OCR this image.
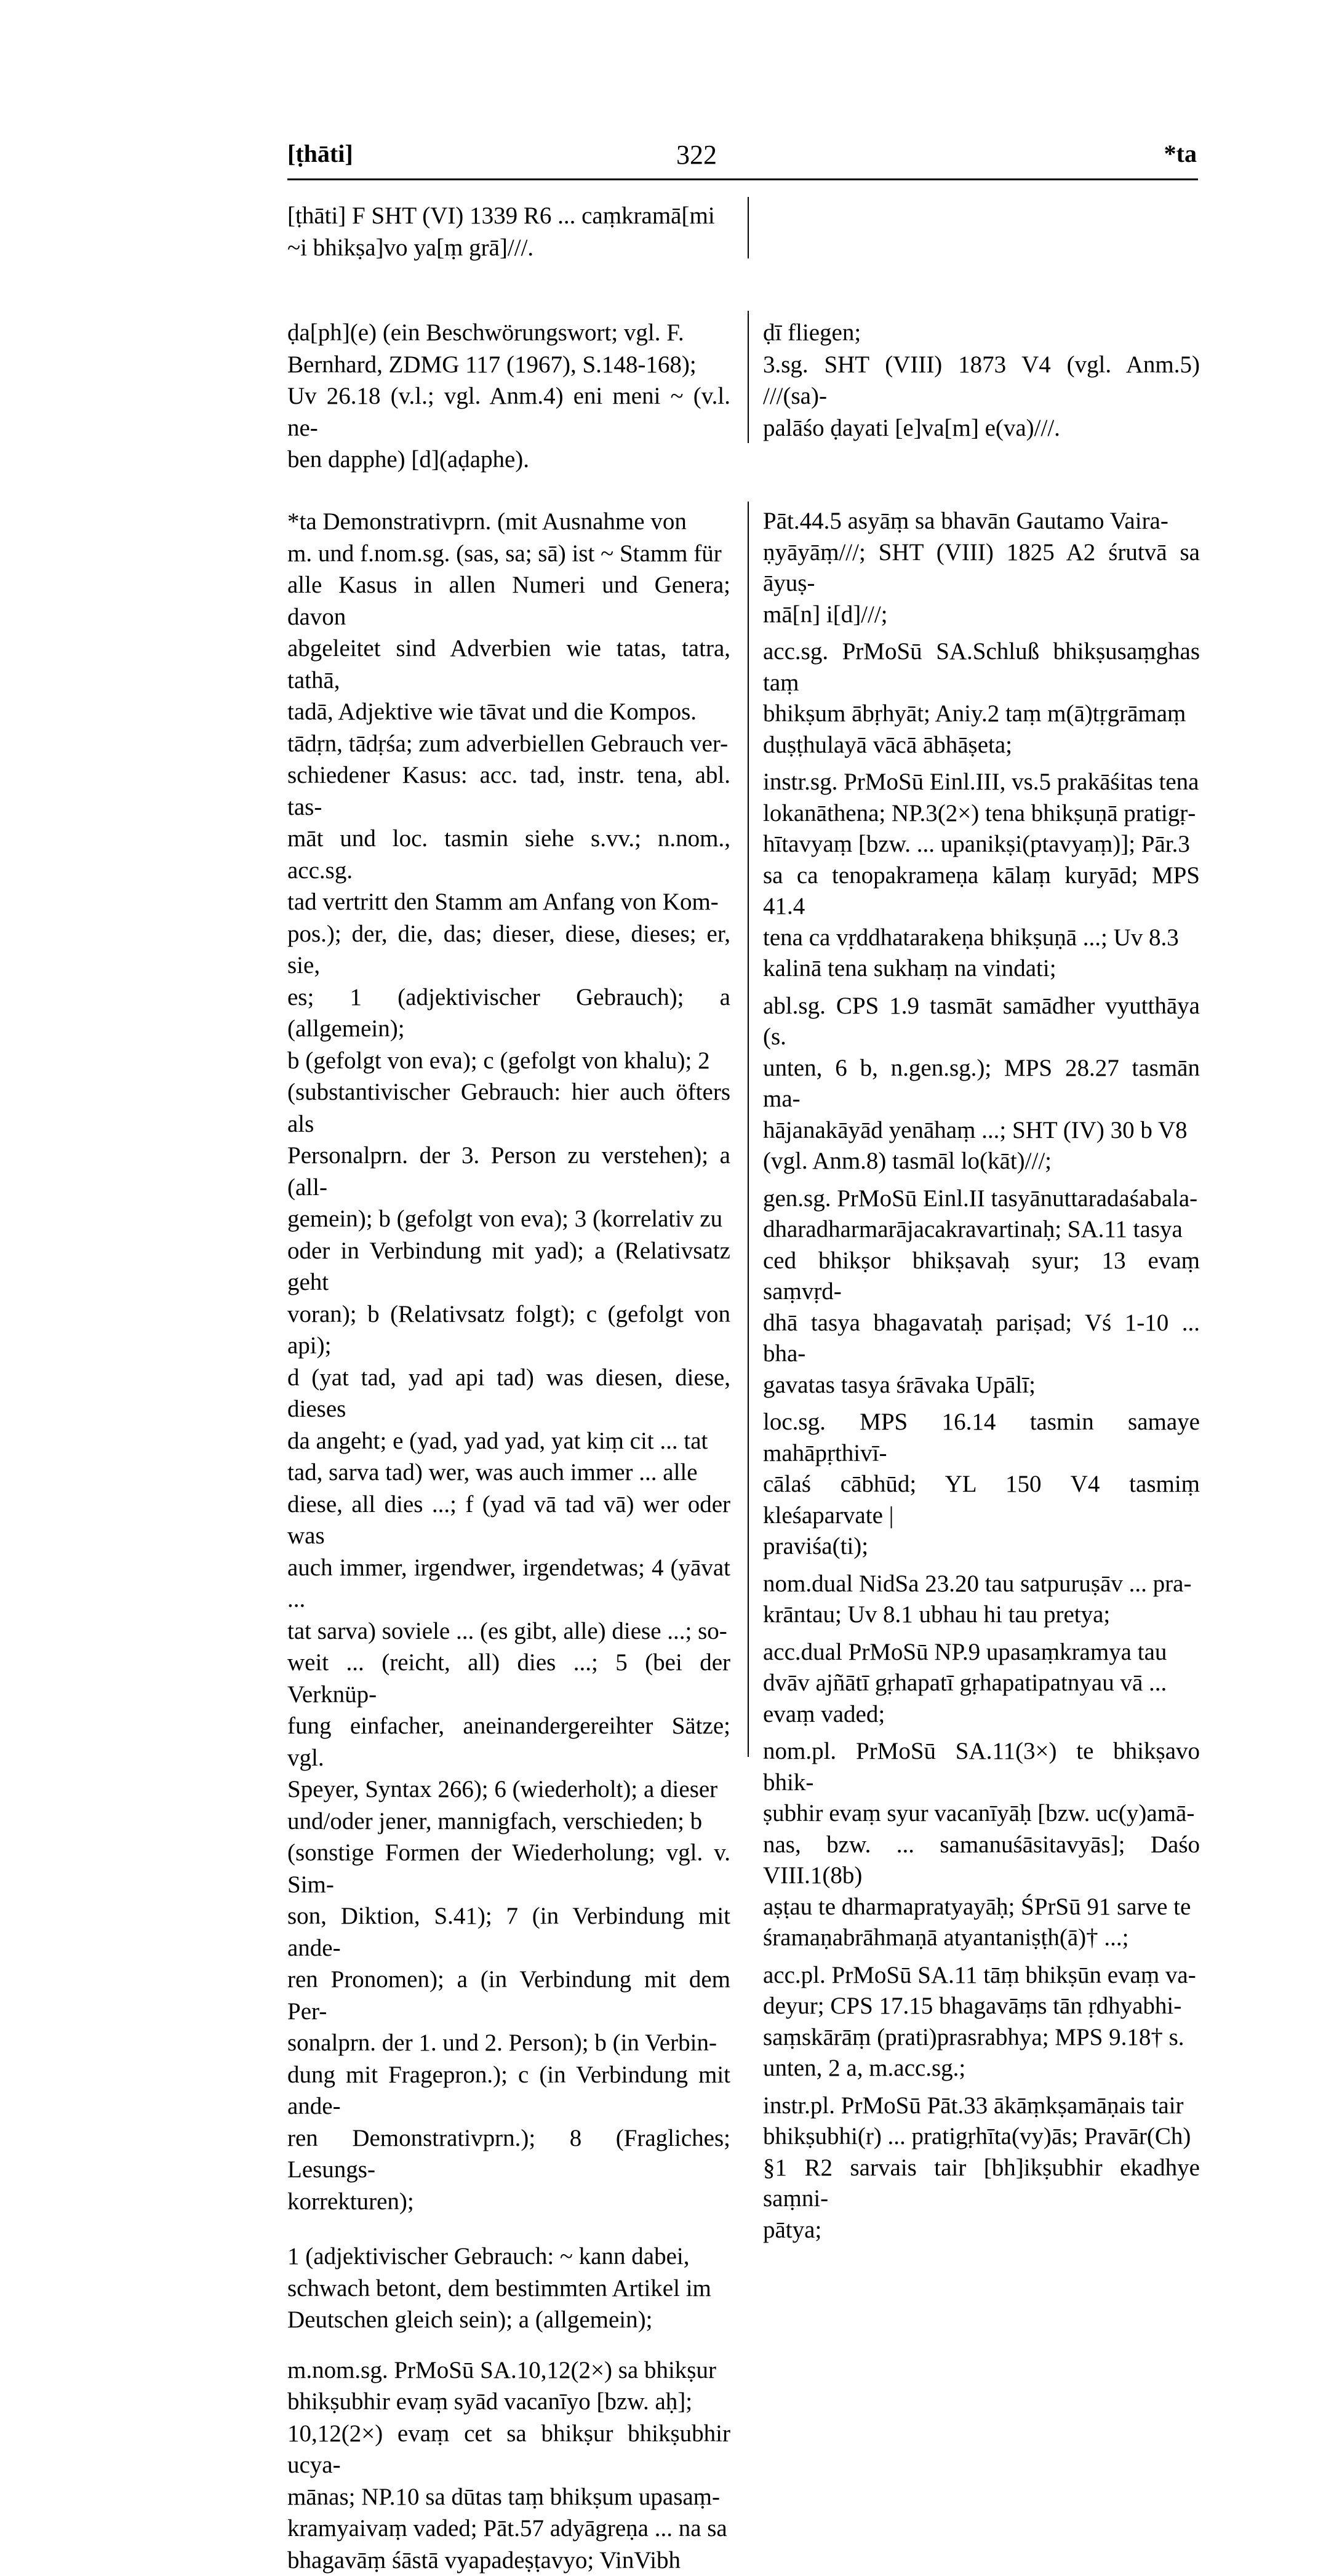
[ṭhāti]	322	*ta
[ṭhāti] F SHT (VI) 1339 R6 ... caṃkramā[mi
~i bhikṣa]vo ya[ṃ grā]///.
ḍa[ph](e) (ein Beschwörungswort; vgl. F.
Bernhard, ZDMG 117 (1967), S.148-168);
Uv 26.18 (v.l.; vgl. Anm.4) eni meni ~ (v.l. ne-
ben dapphe) [d](aḍaphe).
ḍī fliegen;
3.sg. SHT (VIII) 1873 V4 (vgl. Anm.5) ///(sa)-
palāśo ḍayati [e]va[m] e(va)///.
*ta Demonstrativprn. (mit Ausnahme von
m. und f.nom.sg. (sas, sa; sā) ist ~ Stamm für
alle Kasus in allen Numeri und Genera; davon
abgeleitet sind Adverbien wie tatas, tatra, tathā,
tadā, Adjektive wie tāvat und die Kompos.
tādṛn, tādṛśa; zum adverbiellen Gebrauch ver-
schiedener Kasus: acc. tad, instr. tena, abl. tas-
māt und loc. tasmin siehe s.vv.; n.nom., acc.sg.
tad vertritt den Stamm am Anfang von Kom-
pos.); der, die, das; dieser, diese, dieses; er, sie,
es; 1 (adjektivischer Gebrauch); a (allgemein);
b (gefolgt von eva); c (gefolgt von khalu); 2
(substantivischer Gebrauch: hier auch öfters als
Personalprn. der 3. Person zu verstehen); a (all-
gemein); b (gefolgt von eva); 3 (korrelativ zu
oder in Verbindung mit yad); a (Relativsatz geht
voran); b (Relativsatz folgt); c (gefolgt von api);
d (yat tad, yad api tad) was diesen, diese, dieses
da angeht; e (yad, yad yad, yat kiṃ cit ... tat
tad, sarva tad) wer, was auch immer ... alle
diese, all dies ...; f (yad vā tad vā) wer oder was
auch immer, irgendwer, irgendetwas; 4 (yāvat ...
tat sarva) soviele ... (es gibt, alle) diese ...; so-
weit ... (reicht, all) dies ...; 5 (bei der Verknüp-
fung einfacher, aneinandergereihter Sätze; vgl.
Speyer, Syntax 266); 6 (wiederholt); a dieser
und/oder jener, mannigfach, verschieden; b
(sonstige Formen der Wiederholung; vgl. v. Sim-
son, Diktion, S.41); 7 (in Verbindung mit ande-
ren Pronomen); a (in Verbindung mit dem Per-
sonalprn. der 1. und 2. Person); b (in Verbin-
dung mit Fragepron.); c (in Verbindung mit ande-
ren Demonstrativprn.); 8 (Fragliches; Lesungs-
korrekturen);
1 (adjektivischer Gebrauch: ~ kann dabei,
schwach betont, dem bestimmten Artikel im
Deutschen gleich sein); a (allgemein);
m.nom.sg. PrMoSū SA.10,12(2×) sa bhikṣur
bhikṣubhir evaṃ syād vacanīyo [bzw. aḥ];
10,12(2×) evaṃ cet sa bhikṣur bhikṣubhir ucya-
mānas; NP.10 sa dūtas taṃ bhikṣum upasaṃ-
kramyaivaṃ vaded; Pāt.57 adyāgreṇa ... na sa
bhagavāṃ śāstā vyapadeṣṭavyo; VinVibh
Pāt.44.5 asyāṃ sa bhavān Gautamo Vaira-
ṇyāyāṃ///; SHT (VIII) 1825 A2 śrutvā sa āyuṣ-
mā[n] i[d]///;
acc.sg. PrMoSū SA.Schluß bhikṣusaṃghas taṃ
bhikṣum ābṛhyāt; Aniy.2 taṃ m(ā)tṛgrāmaṃ
duṣṭhulayā vācā ābhāṣeta;
instr.sg. PrMoSū Einl.III, vs.5 prakāśitas tena
lokanāthena; NP.3(2×) tena bhikṣuṇā pratigṛ-
hītavyaṃ [bzw. ... upanikṣi(ptavyaṃ)]; Pār.3
sa ca tenopakrameṇa kālaṃ kuryād; MPS 41.4
tena ca vṛddhatarakeṇa bhikṣuṇā ...; Uv 8.3
kalinā tena sukhaṃ na vindati;
abl.sg. CPS 1.9 tasmāt samādher vyutthāya (s.
unten, 6 b, n.gen.sg.); MPS 28.27 tasmān ma-
hājanakāyād yenāhaṃ ...; SHT (IV) 30 b V8
(vgl. Anm.8) tasmāl lo(kāt)///;
gen.sg. PrMoSū Einl.II tasyānuttaradaśabala-
dharadharmarājacakravartinaḥ; SA.11 tasya
ced bhikṣor bhikṣavaḥ syur; 13 evaṃ saṃvṛd-
dhā tasya bhagavataḥ pariṣad; Vś 1-10 ... bha-
gavatas tasya śrāvaka Upālī;
loc.sg. MPS 16.14 tasmin samaye mahāpṛthivī-
cālaś cābhūd; YL 150 V4 tasmiṃ kleśaparvate |
praviśa(ti);
nom.dual NidSa 23.20 tau satpuruṣāv ... pra-
krāntau; Uv 8.1 ubhau hi tau pretya;
acc.dual PrMoSū NP.9 upasaṃkramya tau
dvāv ajñātī gṛhapatī gṛhapatipatnyau vā ...
evaṃ vaded;
nom.pl. PrMoSū SA.11(3×) te bhikṣavo bhik-
ṣubhir evaṃ syur vacanīyāḥ [bzw. uc(y)amā-
nas, bzw. ... samanuśāsitavyās]; Daśo VIII.1(8b)
aṣṭau te dharmapratyayāḥ; ŚPrSū 91 sarve te
śramaṇabrāhmaṇā atyantaniṣṭh(ā)† ...;
acc.pl. PrMoSū SA.11 tāṃ bhikṣūn evaṃ va-
deyur; CPS 17.15 bhagavāṃs tān ṛdhyabhi-
saṃskārāṃ (prati)prasrabhya; MPS 9.18† s.
unten, 2 a, m.acc.sg.;
instr.pl. PrMoSū Pāt.33 ākāṃkṣamāṇais tair
bhikṣubhi(r) ... pratigṛhīta(vy)ās; Pravār(Ch)
§1 R2 sarvais tair [bh]ikṣubhir ekadhye saṃni-
pātya;
